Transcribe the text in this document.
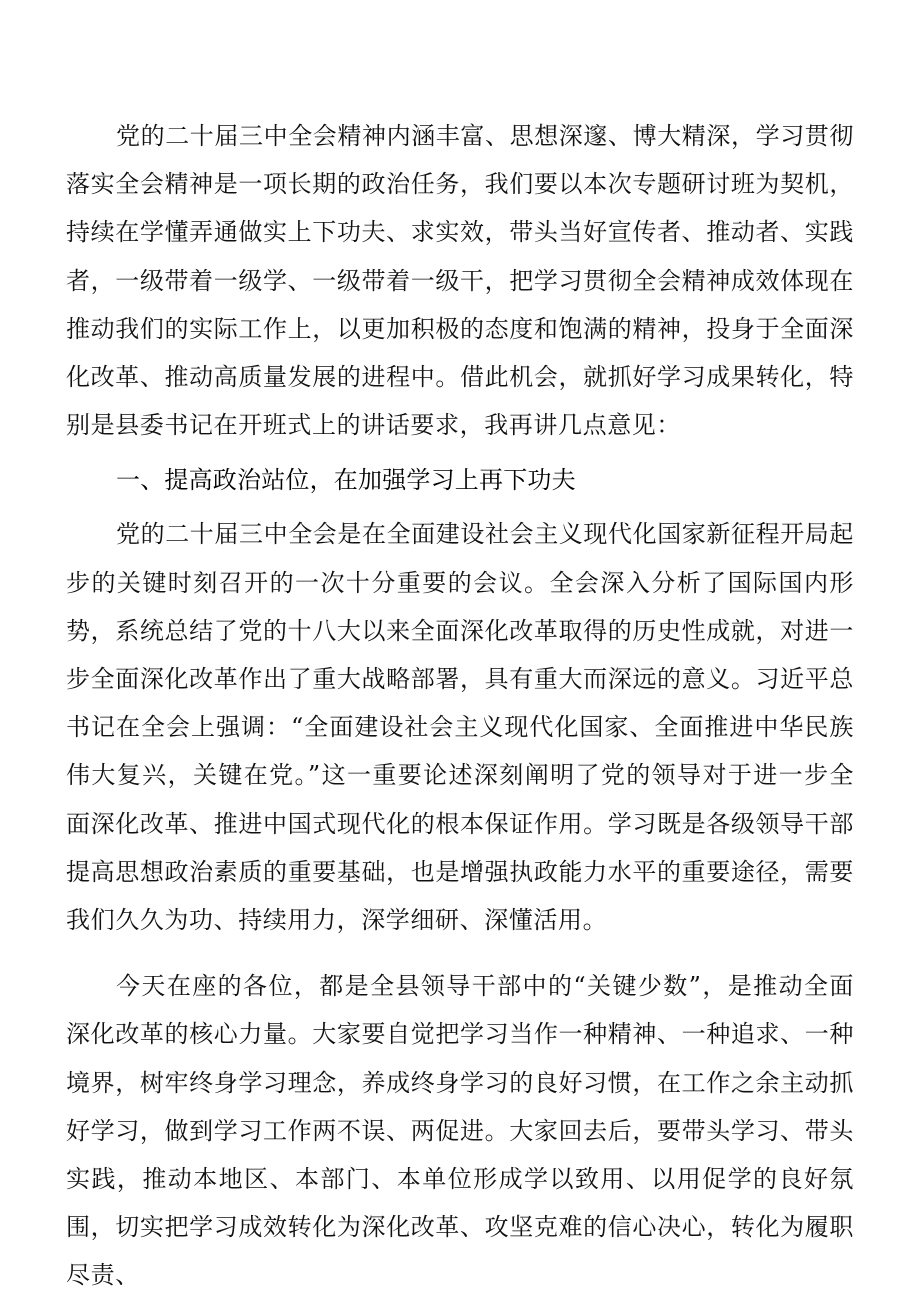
党的二十届三中全会精神内涵丰富、思想深邃、博大精深，学习贯彻落实全会精神是一项长期的政治任务，我们要以本次专题研讨班为契机，持续在学懂弄通做实上下功夫、求实效，带头当好宣传者、推动者、实践者，一级带着一级学、一级带着一级干，把学习贯彻全会精神成效体现在推动我们的实际工作上，以更加积极的态度和饱满的精神，投身于全面深化改革、推动高质量发展的进程中。借此机会，就抓好学习成果转化，特别是县委书记在开班式上的讲话要求，我再讲几点意见：

一、提高政治站位，在加强学习上再下功夫

党的二十届三中全会是在全面建设社会主义现代化国家新征程开局起步的关键时刻召开的一次十分重要的会议。全会深入分析了国际国内形势，系统总结了党的十八大以来全面深化改革取得的历史性成就，对进一步全面深化改革作出了重大战略部署，具有重大而深远的意义。习近平总书记在全会上强调：“全面建设社会主义现代化国家、全面推进中华民族伟大复兴，关键在党。”这一重要论述深刻阐明了党的领导对于进一步全面深化改革、推进中国式现代化的根本保证作用。学习既是各级领导干部提高思想政治素质的重要基础，也是增强执政能力水平的重要途径，需要我们久久为功、持续用力，深学细研、深懂活用。

今天在座的各位，都是全县领导干部中的“关键少数”，是推动全面深化改革的核心力量。大家要自觉把学习当作一种精神、一种追求、一种境界，树牢终身学习理念，养成终身学习的良好习惯，在工作之余主动抓好学习，做到学习工作两不误、两促进。大家回去后，要带头学习、带头实践，推动本地区、本部门、本单位形成学以致用、以用促学的良好氛围，切实把学习成效转化为深化改革、攻坚克难的信心决心，转化为履职尽责、
